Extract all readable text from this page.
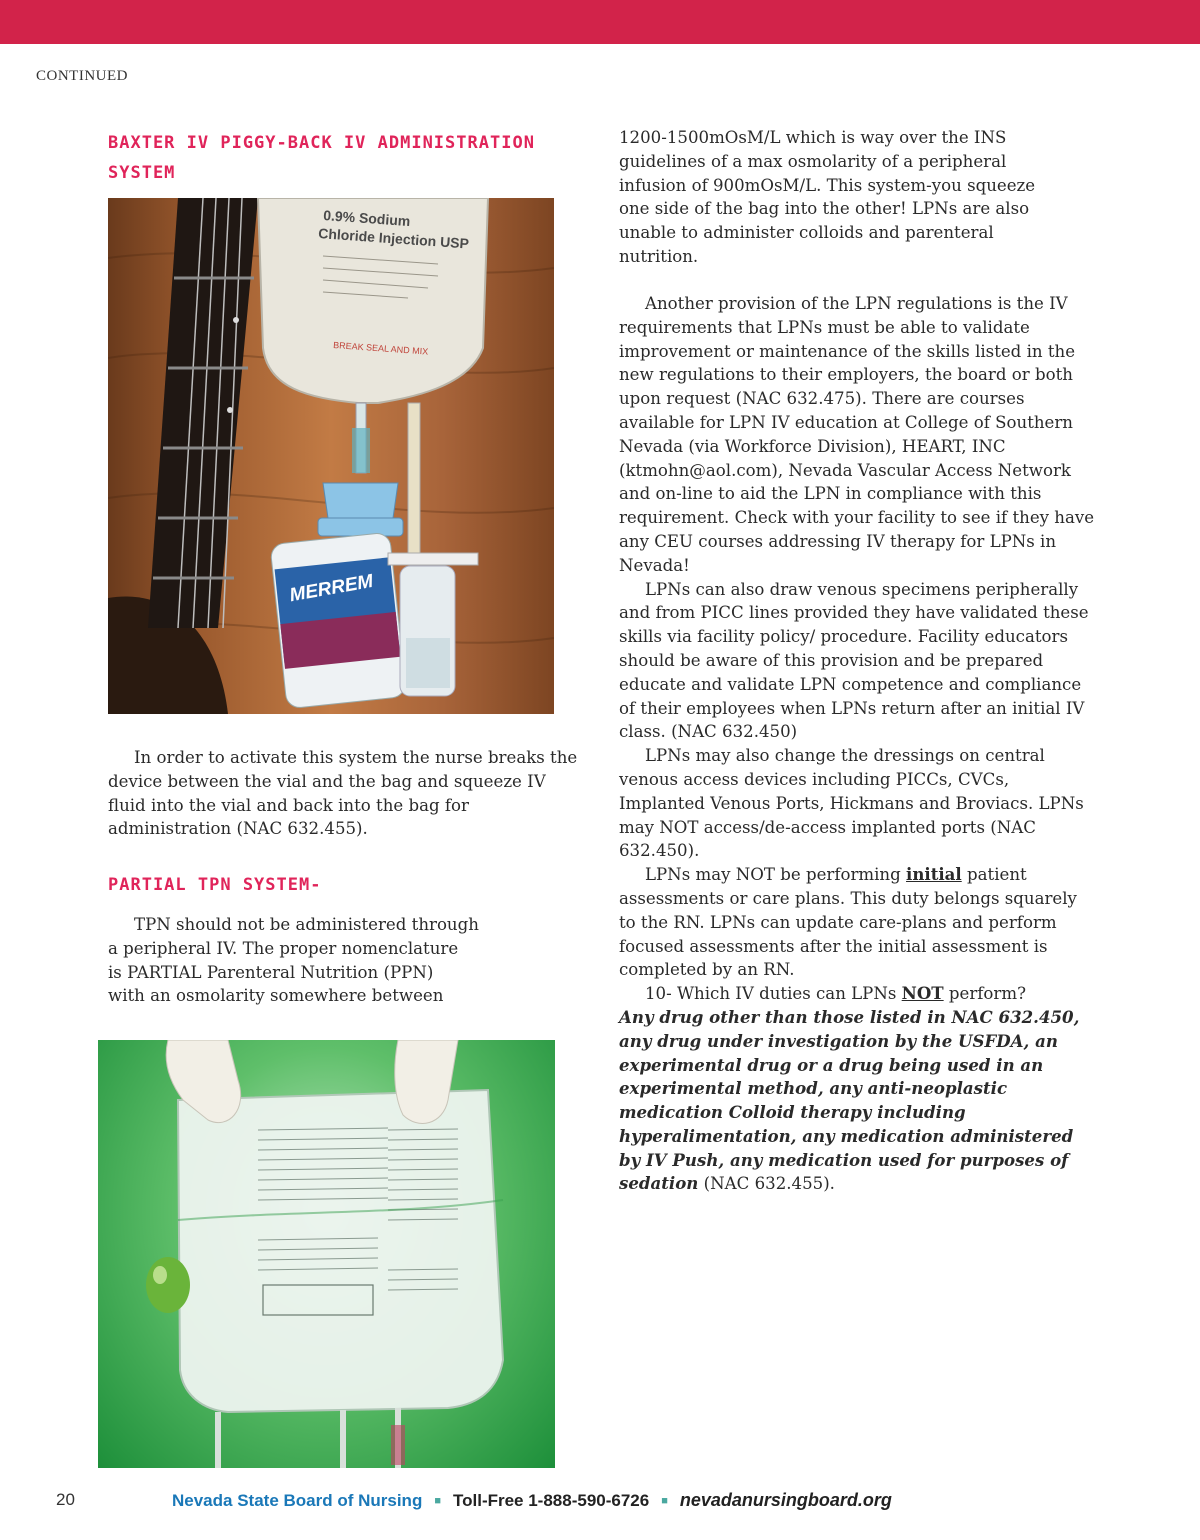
CONTINUED
BAXTER IV PIGGY-BACK IV ADMINISTRATION SYSTEM
0.9% Sodium
Chloride Injection USP
BREAK SEAL AND MIX
MERREM

In order to activate this system the nurse breaks the device between the vial and the bag and squeeze IV fluid into the vial and back into the bag for administration (NAC 632.455).

PARTIAL TPN SYSTEM-
TPN should not be administered through
a peripheral IV. The proper nomenclature
is PARTIAL Parenteral Nutrition (PPN)
with an osmolarity somewhere between
1200-1500mOsM/L which is way over the INS
guidelines of a max osmolarity of a peripheral
infusion of 900mOsM/L. This system-you squeeze
one side of the bag into the other! LPNs are also
unable to administer colloids and parenteral
nutrition.

Another provision of the LPN regulations is the IV requirements that LPNs must be able to validate improvement or maintenance of the skills listed in the new regulations to their employers, the board or both upon request (NAC 632.475). There are courses available for LPN IV education at College of Southern Nevada (via Workforce Division), HEART, INC (ktmohn@aol.com), Nevada Vascular Access Network and on-line to aid the LPN in compliance with this requirement. Check with your facility to see if they have any CEU courses addressing IV therapy for LPNs in Nevada!

LPNs can also draw venous specimens peripherally and from PICC lines provided they have validated these skills via facility policy/ procedure. Facility educators should be aware of this provision and be prepared educate and validate LPN competence and compliance of their employees when LPNs return after an initial IV class. (NAC 632.450)

LPNs may also change the dressings on central venous access devices including PICCs, CVCs, Implanted Venous Ports, Hickmans and Broviacs. LPNs may NOT access/de-access implanted ports (NAC 632.450).

LPNs may NOT be performing initial patient assessments or care plans. This duty belongs squarely to the RN. LPNs can update care-plans and perform focused assessments after the initial assessment is completed by an RN.

10- Which IV duties can LPNs NOT perform?

Any drug other than those listed in NAC 632.450, any drug under investigation by the USFDA, an experimental drug or a drug being used in an experimental method, any anti-neoplastic medication Colloid therapy including hyperalimentation, any medication administered by IV Push, any medication used for purposes of sedation (NAC 632.455).

20	Nevada State Board of Nursing ■ Toll-Free 1-888-590-6726 ■ nevadanursingboard.org
